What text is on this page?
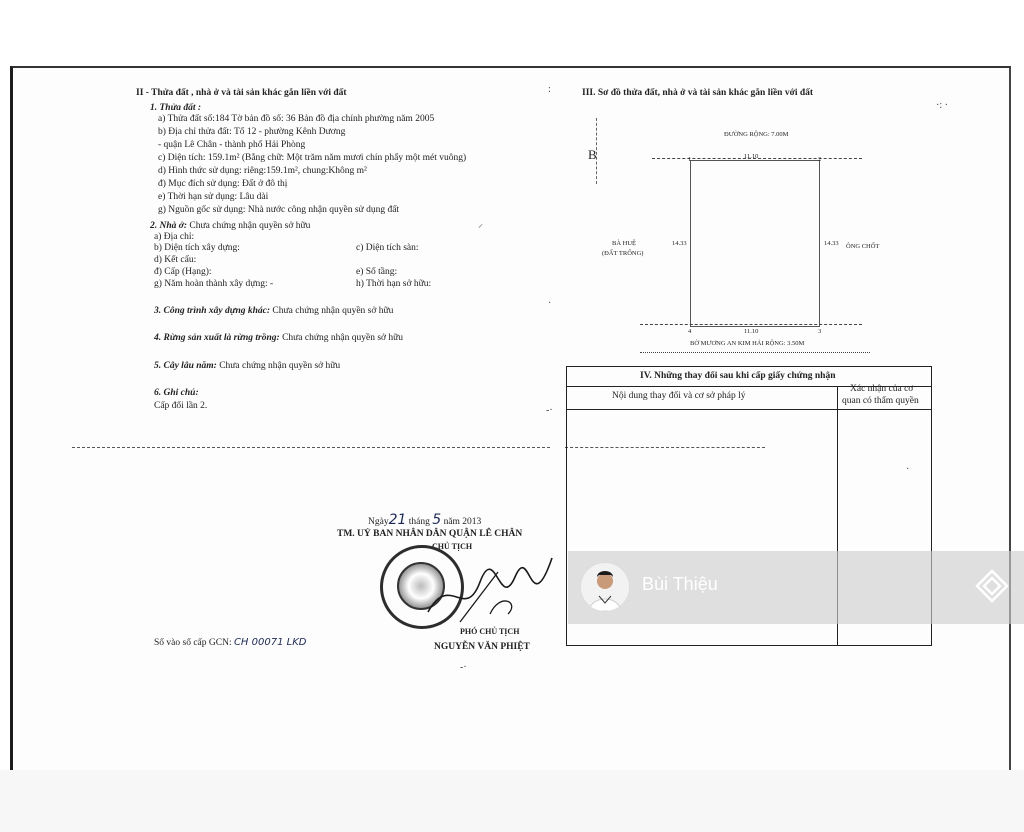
II - Thửa đất , nhà ở và tài sản khác gắn liền với đất
1. Thửa đất :
a) Thửa đất số:184 Tờ bản đồ số: 36 Bản đồ địa chính phường năm 2005
b) Địa chỉ thửa đất: Tổ 12 - phường Kênh Dương
- quận Lê Chân - thành phố Hải Phòng
c) Diện tích: 159.1m² (Bằng chữ: Một trăm năm mươi chín phẩy một mét vuông)
d) Hình thức sử dụng: riêng:159.1m², chung:Không m²
đ) Mục đích sử dụng: Đất ở đô thị
e) Thời hạn sử dụng: Lâu dài
g) Nguồn gốc sử dụng: Nhà nước công nhận quyền sử dụng đất
2. Nhà ở: Chưa chứng nhận quyền sở hữu
a) Địa chỉ:
b) Diện tích xây dựng:	c) Diện tích sàn:
d) Kết cấu:
đ) Cấp (Hạng):	e) Số tầng:
g) Năm hoàn thành xây dựng: -	h) Thời hạn sở hữu:
3. Công trình xây dựng khác: Chưa chứng nhận quyền sở hữu
4. Rừng sản xuất là rừng trồng: Chưa chứng nhận quyền sở hữu
5. Cây lâu năm: Chưa chứng nhận quyền sở hữu
6. Ghi chú:
Cấp đổi lần 2.
Ngày21 tháng 5 năm 2013
TM. UỶ BAN NHÂN DÂN QUẬN LÊ CHÂN
CHỦ TỊCH
PHÓ CHỦ TỊCH
NGUYỄN VĂN PHIỆT
Số vào sổ cấp GCN: CH 00071 LKD
III. Sơ đồ thửa đất, nhà ở và tài sản khác gắn liền với đất
B
ĐƯỜNG RỘNG: 7.00M
1	2
3
4
11.10
11.10
14.33	14.33
BÀ HUỆ
(ĐẤT TRỐNG)
ÔNG CHỐT
BỜ MƯƠNG AN KIM HẢI RỘNG: 3.50M
IV. Những thay đổi sau khi cấp giấy chứng nhận
Nội dung thay đổi và cơ sở pháp lý
Xác nhận của cơ
quan có thẩm quyền
·: ·
:
·
-·
·
⸝
-·
Bùi Thiệu
